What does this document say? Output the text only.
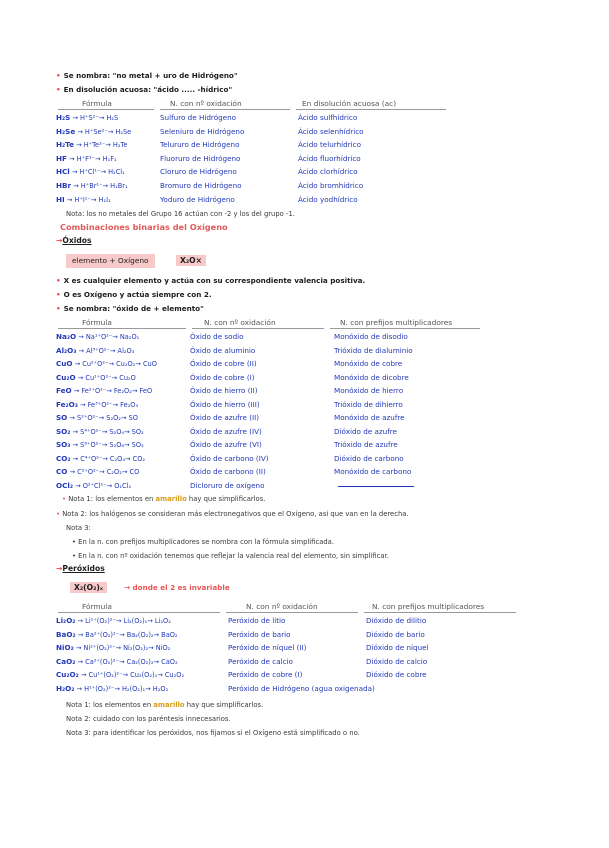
• Se nombra: "no metal + uro de Hidrógeno"
• En disolución acuosa: "ácido ..... -hídrico"
Fórmula	N. con nº oxidación	En disolución acuosa (ac)
H₂S → H⁺S²⁻→ H₂S	Sulfuro de Hidrógeno	Ácido sulfhídrico
H₂Se → H⁺Se²⁻→ H₂Se	Seleniuro de Hidrógeno	Ácido selenhídrico
H₂Te → H⁺Te²⁻→ H₂Te	Telururo de Hidrógeno	Ácido telurhídrico
HF → H⁺F¹⁻→ H₁F₁	Fluoruro de Hidrógeno	Ácido fluorhídrico
HCl → H⁺Cl¹⁻→ H₁Cl₁	Cloruro de Hidrógeno	Ácido clorhídrico
HBr → H⁺Br¹⁻→ H₁Br₁	Bromuro de Hidrógeno	Ácido bromhídrico
HI → H⁺I¹⁻→ H₁I₁	Yoduro de Hidrógeno	Ácido yodhídrico
Nota: los no metales del Grupo 16 actúan con -2 y los del grupo -1.
Combinaciones binarias del Oxígeno
→Óxidos
elemento + Oxígeno	X₂O×
• X es cualquier elemento y actúa con su correspondiente valencia positiva.
• O es Oxígeno y actúa siempre con 2.
• Se nombra: "óxido de + elemento"
Fórmula	N. con nº oxidación	N. con prefijos multiplicadores
Na₂O → Na¹⁺O²⁻→ Na₂O₁	Óxido de sodio	Monóxido de disodio
Al₂O₃ → Al³⁺O²⁻→ Al₂O₃	Óxido de aluminio	Trióxido de dialuminio
CuO → Cu²⁺O²⁻→ Cu₂O₂→ CuO	Óxido de cobre (II)	Monóxido de cobre
Cu₂O → Cu¹⁺O²⁻→ Cu₂O	Óxido de cobre (I)	Monóxido de dicobre
FeO → Fe²⁺O²⁻→ Fe₂O₂→ FeO	Óxido de hierro (II)	Monóxido de hierro
Fe₂O₃ → Fe³⁺O²⁻→ Fe₂O₃	Óxido de hierro (III)	Trióxido de dihierro
SO → S²⁺O²⁻→ S₂O₂→ SO	Óxido de azufre (II)	Monóxido de azufre
SO₂ → S⁴⁺O²⁻→ S₂O₄→ SO₂	Óxido de azufre (IV)	Dióxido de azufre
SO₃ → S⁶⁺O²⁻→ S₂O₆→ SO₃	Óxido de azufre (VI)	Trióxido de azufre
CO₂ → C⁴⁺O²⁻→ C₂O₄→ CO₂	Óxido de carbono (IV)	Dióxido de carbono
CO → C²⁺O²⁻→ C₂O₂→ CO	Óxido de carbono (II)	Monóxido de carbono
OCl₂ → O²⁺Cl¹⁻→ O₁Cl₂	Dicloruro de oxígeno
• Nota 1: los elementos en amarillo hay que simplificarlos.
• Nota 2: los halógenos se consideran más electronegativos que el Oxígeno, así que van en la derecha.
Nota 3:
• En la n. con prefijos multiplicadores se nombra con la fórmula simplificada.
• En la n. con nº oxidación tenemos que reflejar la valencia real del elemento, sin simplificar.
→Peróxidos
X₂(O₂)ₓ	→ donde el 2 es invariable
Fórmula	N. con nº oxidación	N. con prefijos multiplicadores
Li₂O₂ → Li¹⁺(O₂)²⁻→ Li₂(O₂)₁→ Li₂O₂	Peróxido de litio	Dióxido de dilitio
BaO₂ → Ba²⁺(O₂)²⁻→ Ba₂(O₂)₂→ BaO₂	Peróxido de bario	Dióxido de bario
NiO₂ → Ni²⁺(O₂)²⁻→ Ni₂(O₂)₂→ NiO₂	Peróxido de níquel (II)	Dióxido de níquel
CaO₂ → Ca²⁺(O₂)²⁻→ Ca₂(O₂)₂→ CaO₂	Peróxido de calcio	Dióxido de calcio
Cu₂O₂ → Cu¹⁺(O₂)²⁻→ Cu₂(O₂)₁→ Cu₂O₂	Peróxido de cobre (I)	Dióxido de cobre
H₂O₂ → H¹⁺(O₂)²⁻→ H₂(O₂)₁→ H₂O₂	Peróxido de Hidrógeno (agua oxigenada)
Nota 1: los elementos en amarillo hay que simplificarlos.
Nota 2: cuidado con los paréntesis innecesarios.
Nota 3: para identificar los peróxidos, nos fijamos si el Oxígeno está simplificado o no.
